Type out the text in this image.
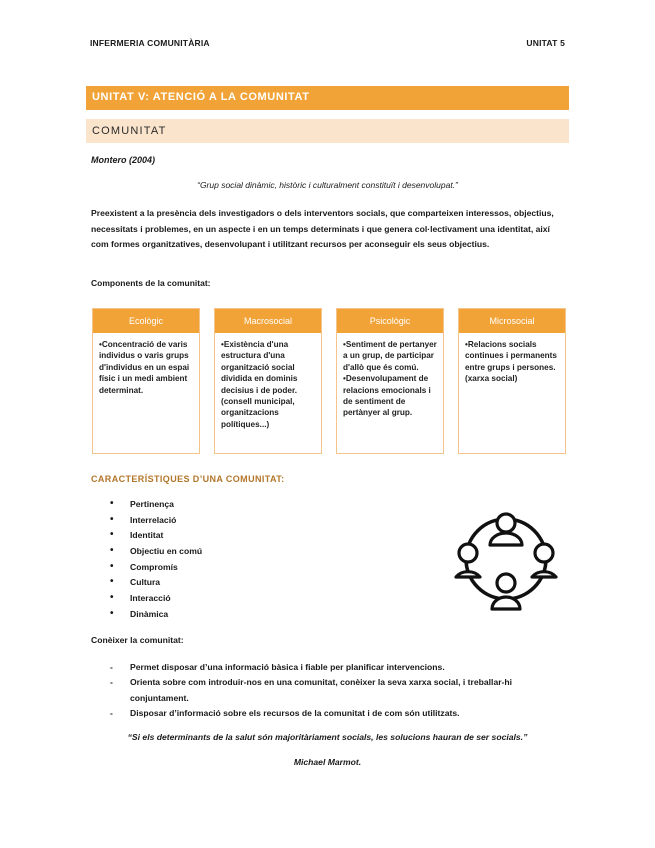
INFERMERIA COMUNITÀRIA	UNITAT 5
UNITAT V: ATENCIÓ A LA COMUNITAT
COMUNITAT
Montero (2004)
“Grup social dinàmic, històric i culturalment constituït i desenvolupat.”
Preexistent a la presència dels investigadors o dels interventors socials, que comparteixen interessos, objectius, necessitats i problemes, en un aspecte i en un temps determinats i que genera col·lectivament una identitat, així com formes organitzatives, desenvolupant i utilitzant recursos per aconseguir els seus objectius.
Components de la comunitat:
Ecològic
•Concentració de varis individus o varis grups d'individus en un espai físic i un medi ambient determinat.
Macrosocial
•Existència d'una estructura d'una organització social dividida en dominis decisius i de poder. (consell municipal, organitzacions polítiques...)
Psicològic
•Sentiment de pertanyer a un grup, de participar d'allò que és comú.
•Desenvolupament de relacions emocionals i de sentiment de pertànyer al grup.
Microsocial
•Relacions socials continues i permanents entre grups i persones. (xarxa social)
CARACTERÍSTIQUES D’UNA COMUNITAT:
• Pertinença
• Interrelació
• Identitat
• Objectiu en comú
• Compromís
• Cultura
• Interacció
• Dinàmica
Conèixer la comunitat:
- Permet disposar d’una informació bàsica i fiable per planificar intervencions.
- Orienta sobre com introduir-nos en una comunitat, conèixer la seva xarxa social, i treballar-hi conjuntament.
- Disposar d’informació sobre els recursos de la comunitat i de com són utilitzats.
“Si els determinants de la salut són majoritàriament socials, les solucions hauran de ser socials.”
Michael Marmot.
